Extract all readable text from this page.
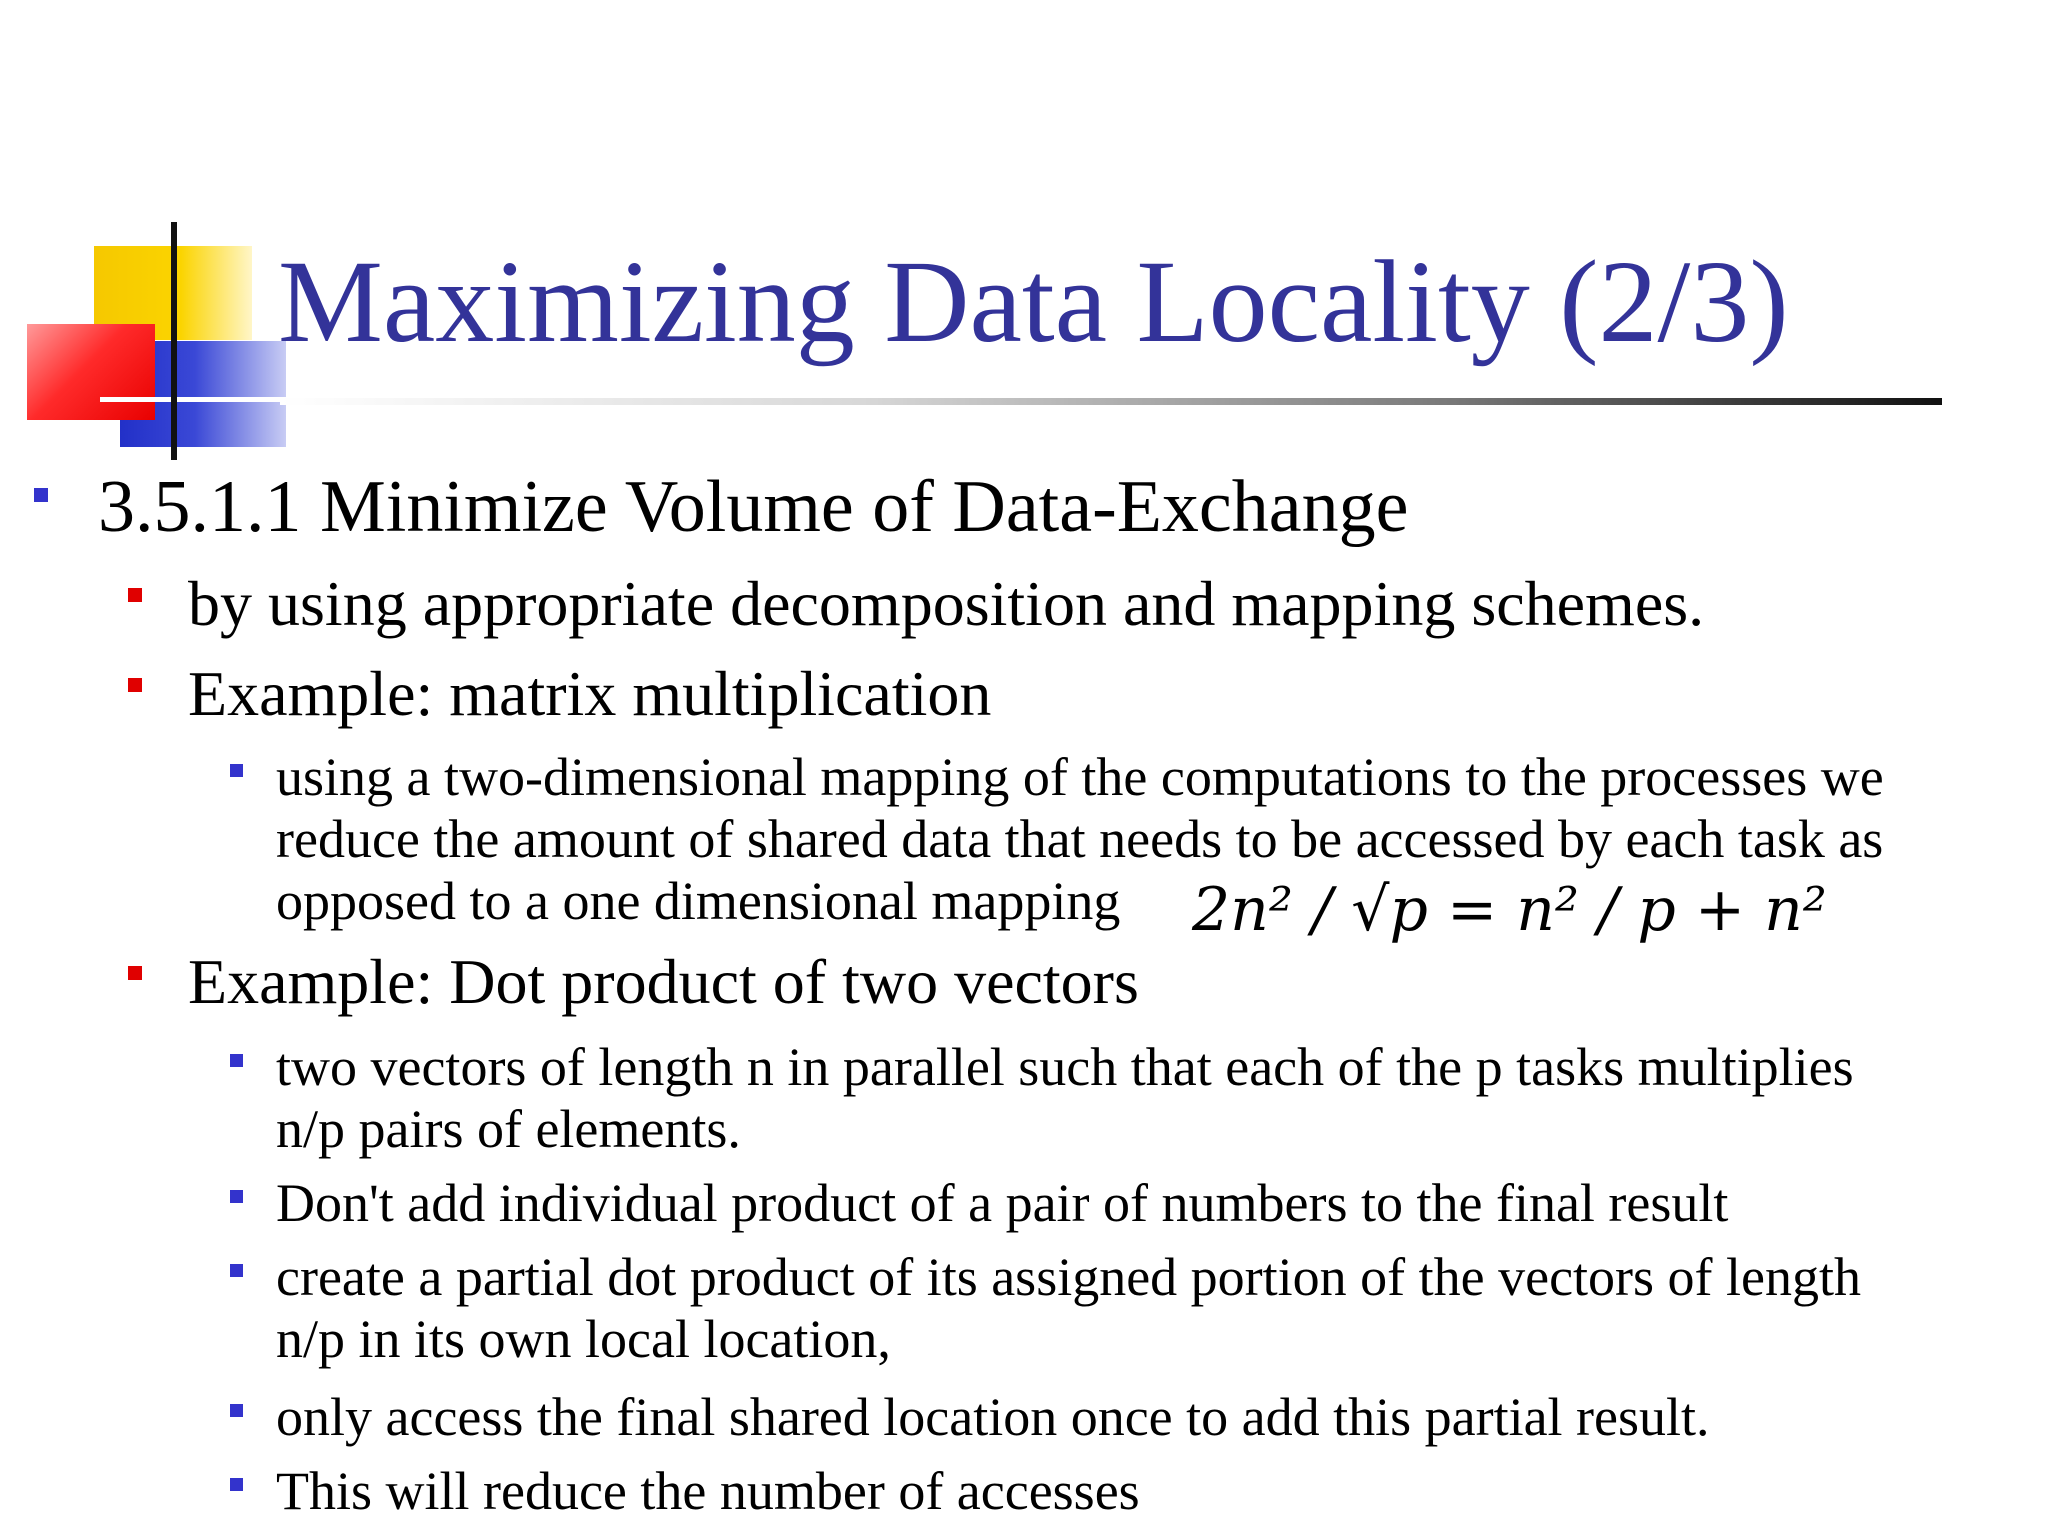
Maximizing Data Locality (2/3)
3.5.1.1 Minimize Volume of Data-Exchange
by using appropriate decomposition and mapping schemes.
Example: matrix multiplication
using a two-dimensional mapping of the computations to the processes we
reduce the amount of shared data that needs to be accessed by each task as
opposed to a one dimensional mapping 2n² / √p = n² / p + n²
Example: Dot product of two vectors
two vectors of length n in parallel such that each of the p tasks multiplies
n/p pairs of elements.
Don't add individual product of a pair of numbers to the final result
create a partial dot product of its assigned portion of the vectors of length
n/p in its own local location,
only access the final shared location once to add this partial result.
This will reduce the number of accesses
